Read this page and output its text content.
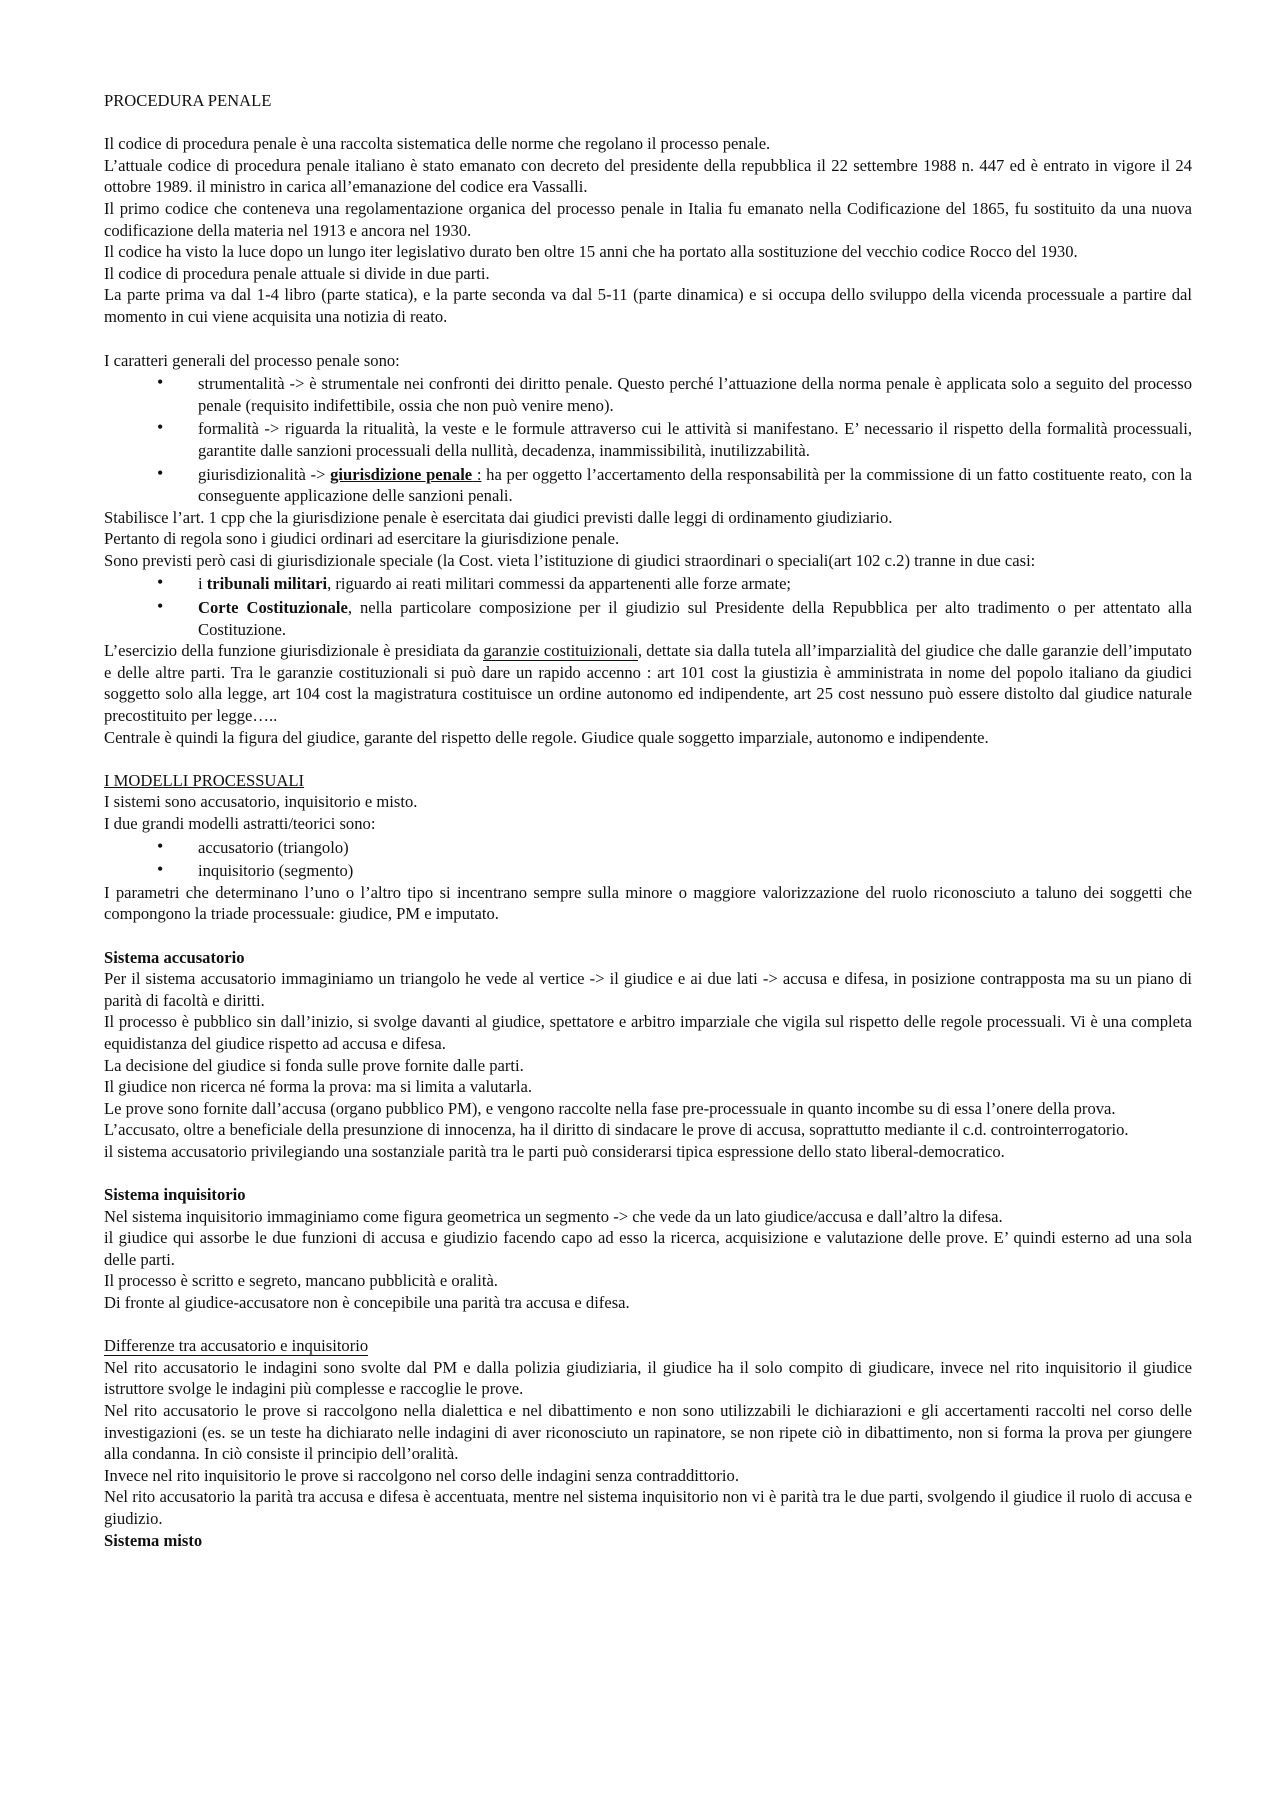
PROCEDURA PENALE

Il codice di procedura penale è una raccolta sistematica delle norme che regolano il processo penale.

L’attuale codice di procedura penale italiano è stato emanato con decreto del presidente della repubblica il 22 settembre 1988 n. 447 ed è entrato in vigore il 24 ottobre 1989. il ministro in carica all’emanazione del codice era Vassalli.

Il primo codice che conteneva una regolamentazione organica del processo penale in Italia fu emanato nella Codificazione del 1865, fu sostituito da una nuova codificazione della materia nel 1913 e ancora nel 1930.

Il codice ha visto la luce dopo un lungo iter legislativo durato ben oltre 15 anni che ha portato alla sostituzione del vecchio codice Rocco del 1930.

Il codice di procedura penale attuale si divide in due parti.

La parte prima va dal 1-4 libro (parte statica), e la parte seconda va dal 5-11 (parte dinamica) e si occupa dello sviluppo della vicenda processuale a partire dal momento in cui viene acquisita una notizia di reato.

I caratteri generali del processo penale sono:

• strumentalità -> è strumentale nei confronti dei diritto penale. Questo perché l’attuazione della norma penale è applicata solo a seguito del processo penale (requisito indifettibile, ossia che non può venire meno).
• formalità -> riguarda la ritualità, la veste e le formule attraverso cui le attività si manifestano. E’ necessario il rispetto della formalità processuali, garantite dalle sanzioni processuali della nullità, decadenza, inammissibilità, inutilizzabilità.
• giurisdizionalità -> giurisdizione penale : ha per oggetto l’accertamento della responsabilità per la commissione di un fatto costituente reato, con la conseguente applicazione delle sanzioni penali.

Stabilisce l’art. 1 cpp che la giurisdizione penale è esercitata dai giudici previsti dalle leggi di ordinamento giudiziario.

Pertanto di regola sono i giudici ordinari ad esercitare la giurisdizione penale.

Sono previsti però casi di giurisdizionale speciale (la Cost. vieta l’istituzione di giudici straordinari o speciali(art 102 c.2) tranne in due casi:

• i tribunali militari, riguardo ai reati militari commessi da appartenenti alle forze armate;
• Corte Costituzionale, nella particolare composizione per il giudizio sul Presidente della Repubblica per alto tradimento o per attentato alla Costituzione.

L’esercizio della funzione giurisdizionale è presidiata da garanzie costituizionali, dettate sia dalla tutela all’imparzialità del giudice che dalle garanzie dell’imputato e delle altre parti. Tra le garanzie costituzionali si può dare un rapido accenno : art 101 cost la giustizia è amministrata in nome del popolo italiano da giudici soggetto solo alla legge, art 104 cost la magistratura costituisce un ordine autonomo ed indipendente, art 25 cost nessuno può essere distolto dal giudice naturale precostituito per legge…..

Centrale è quindi la figura del giudice, garante del rispetto delle regole. Giudice quale soggetto imparziale, autonomo e indipendente.

I MODELLI PROCESSUALI

I sistemi sono accusatorio, inquisitorio e misto.

I due grandi modelli astratti/teorici sono:

• accusatorio (triangolo)
• inquisitorio (segmento)

I parametri che determinano l’uno o l’altro tipo si incentrano sempre sulla minore o maggiore valorizzazione del ruolo riconosciuto a taluno dei soggetti che compongono la triade processuale: giudice, PM e imputato.

Sistema accusatorio

Per il sistema accusatorio immaginiamo un triangolo he vede al vertice -> il giudice e ai due lati -> accusa e difesa, in posizione contrapposta ma su un piano di parità di facoltà e diritti.

Il processo è pubblico sin dall’inizio, si svolge davanti al giudice, spettatore e arbitro imparziale che vigila sul rispetto delle regole processuali. Vi è una completa equidistanza del giudice rispetto ad accusa e difesa.

La decisione del giudice si fonda sulle prove fornite dalle parti.

Il giudice non ricerca né forma la prova: ma si limita a valutarla.

Le prove sono fornite dall’accusa (organo pubblico PM), e vengono raccolte nella fase pre-processuale in quanto incombe su di essa l’onere della prova.

L’accusato, oltre a beneficiale della presunzione di innocenza, ha il diritto di sindacare le prove di accusa, soprattutto mediante il c.d. controinterrogatorio.

il sistema accusatorio privilegiando una sostanziale parità tra le parti può considerarsi tipica espressione dello stato liberal-democratico.

Sistema inquisitorio

Nel sistema inquisitorio immaginiamo come figura geometrica un segmento -> che vede da un lato giudice/accusa e dall’altro la difesa.

il giudice qui assorbe le due funzioni di accusa e giudizio facendo capo ad esso la ricerca, acquisizione e valutazione delle prove. E’ quindi esterno ad una sola delle parti.

Il processo è scritto e segreto, mancano pubblicità e oralità.

Di fronte al giudice-accusatore non è concepibile una parità tra accusa e difesa.

Differenze tra accusatorio e inquisitorio

Nel rito accusatorio le indagini sono svolte dal PM e dalla polizia giudiziaria, il giudice ha il solo compito di giudicare, invece nel rito inquisitorio il giudice istruttore svolge le indagini più complesse e raccoglie le prove.

Nel rito accusatorio le prove si raccolgono nella dialettica e nel dibattimento e non sono utilizzabili le dichiarazioni e gli accertamenti raccolti nel corso delle investigazioni (es. se un teste ha dichiarato nelle indagini di aver riconosciuto un rapinatore, se non ripete ciò in dibattimento, non si forma la prova per giungere alla condanna. In ciò consiste il principio dell’oralità.

Invece nel rito inquisitorio le prove si raccolgono nel corso delle indagini senza contraddittorio.

Nel rito accusatorio la parità tra accusa e difesa è accentuata, mentre nel sistema inquisitorio non vi è parità tra le due parti, svolgendo il giudice il ruolo di accusa e giudizio.

Sistema misto
